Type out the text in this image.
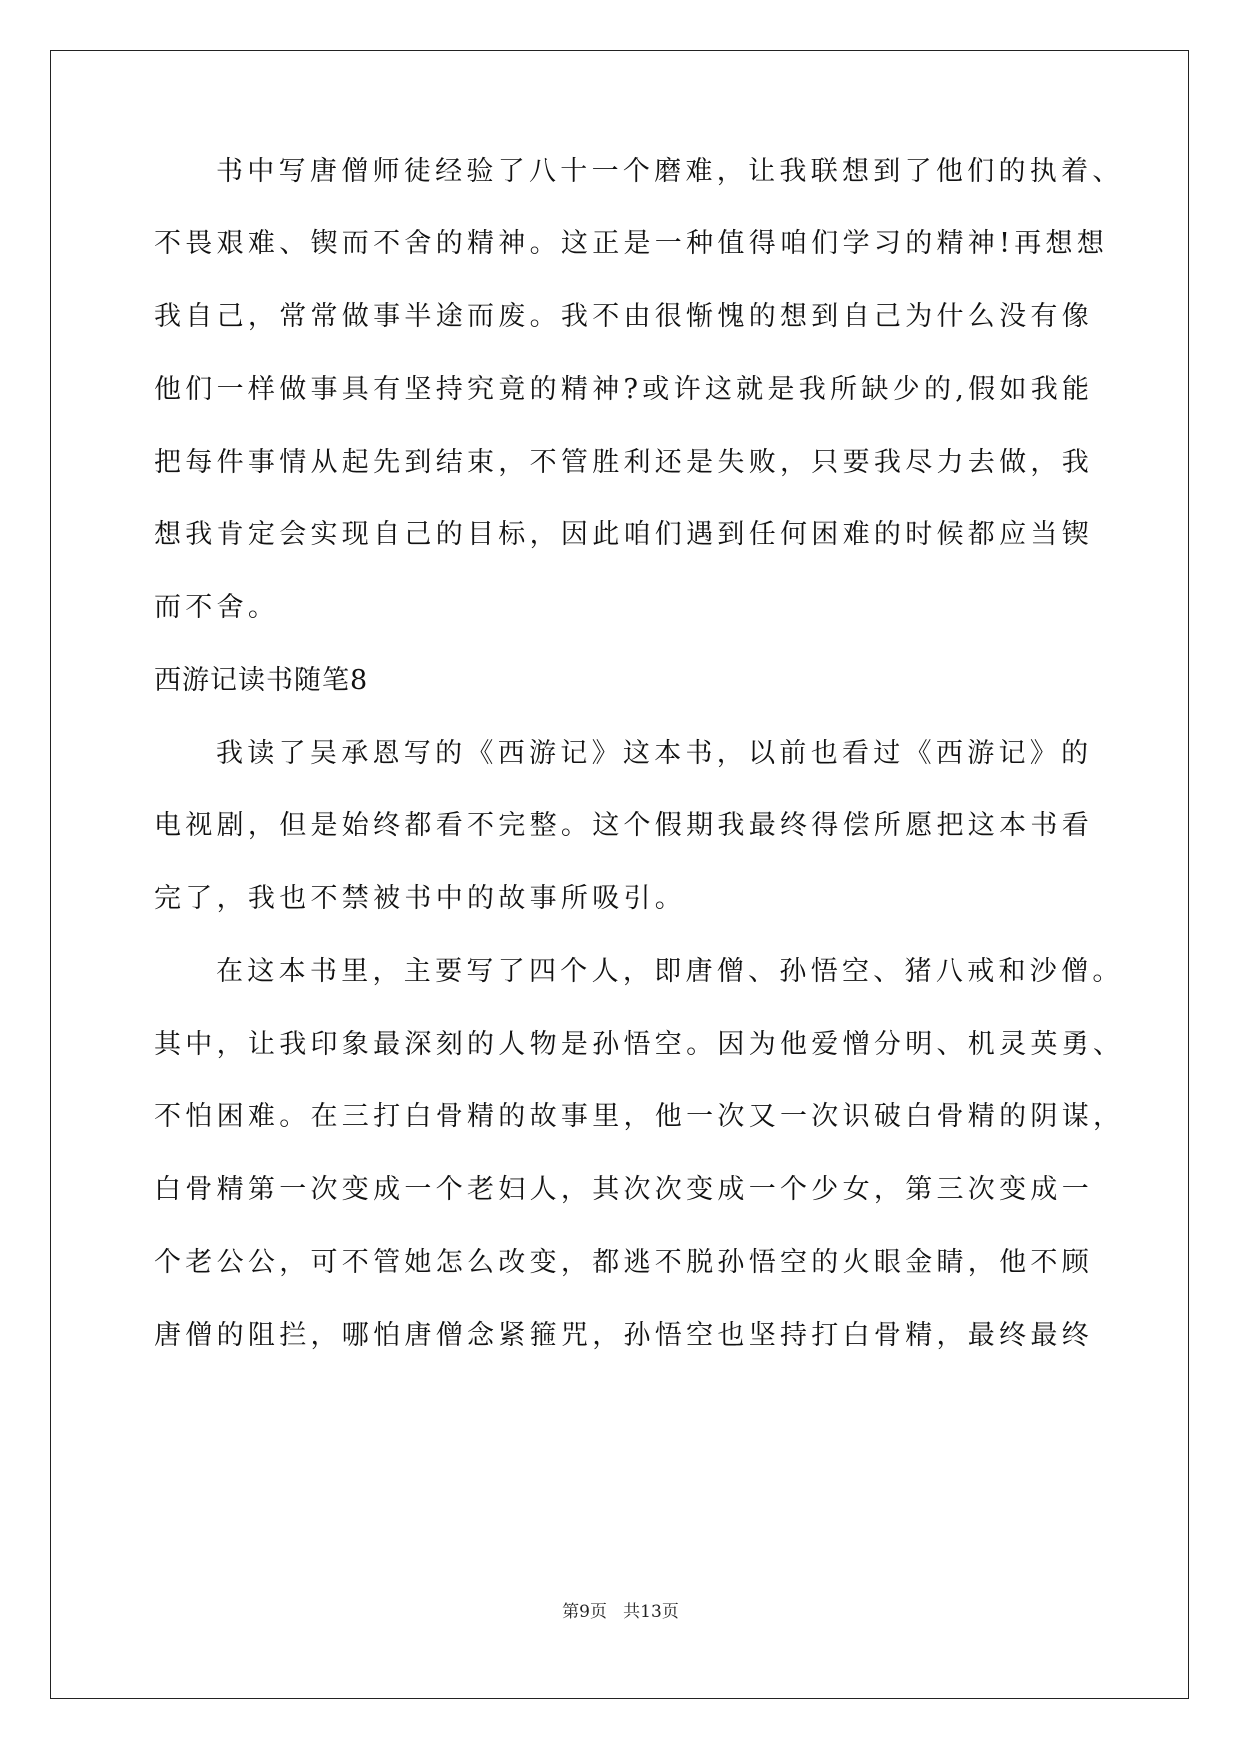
书中写唐僧师徒经验了八十一个磨难，让我联想到了他们的执着、
不畏艰难、锲而不舍的精神。这正是一种值得咱们学习的精神!再想想
我自己，常常做事半途而废。我不由很惭愧的想到自己为什么没有像
他们一样做事具有坚持究竟的精神?或许这就是我所缺少的,假如我能
把每件事情从起先到结束，不管胜利还是失败，只要我尽力去做，我
想我肯定会实现自己的目标，因此咱们遇到任何困难的时候都应当锲
而不舍。
西游记读书随笔8
我读了吴承恩写的《西游记》这本书，以前也看过《西游记》的
电视剧，但是始终都看不完整。这个假期我最终得偿所愿把这本书看
完了，我也不禁被书中的故事所吸引。
在这本书里，主要写了四个人，即唐僧、孙悟空、猪八戒和沙僧。
其中，让我印象最深刻的人物是孙悟空。因为他爱憎分明、机灵英勇、
不怕困难。在三打白骨精的故事里，他一次又一次识破白骨精的阴谋，
白骨精第一次变成一个老妇人，其次次变成一个少女，第三次变成一
个老公公，可不管她怎么改变，都逃不脱孙悟空的火眼金睛，他不顾
唐僧的阻拦，哪怕唐僧念紧箍咒，孙悟空也坚持打白骨精，最终最终
第9页   共13页
